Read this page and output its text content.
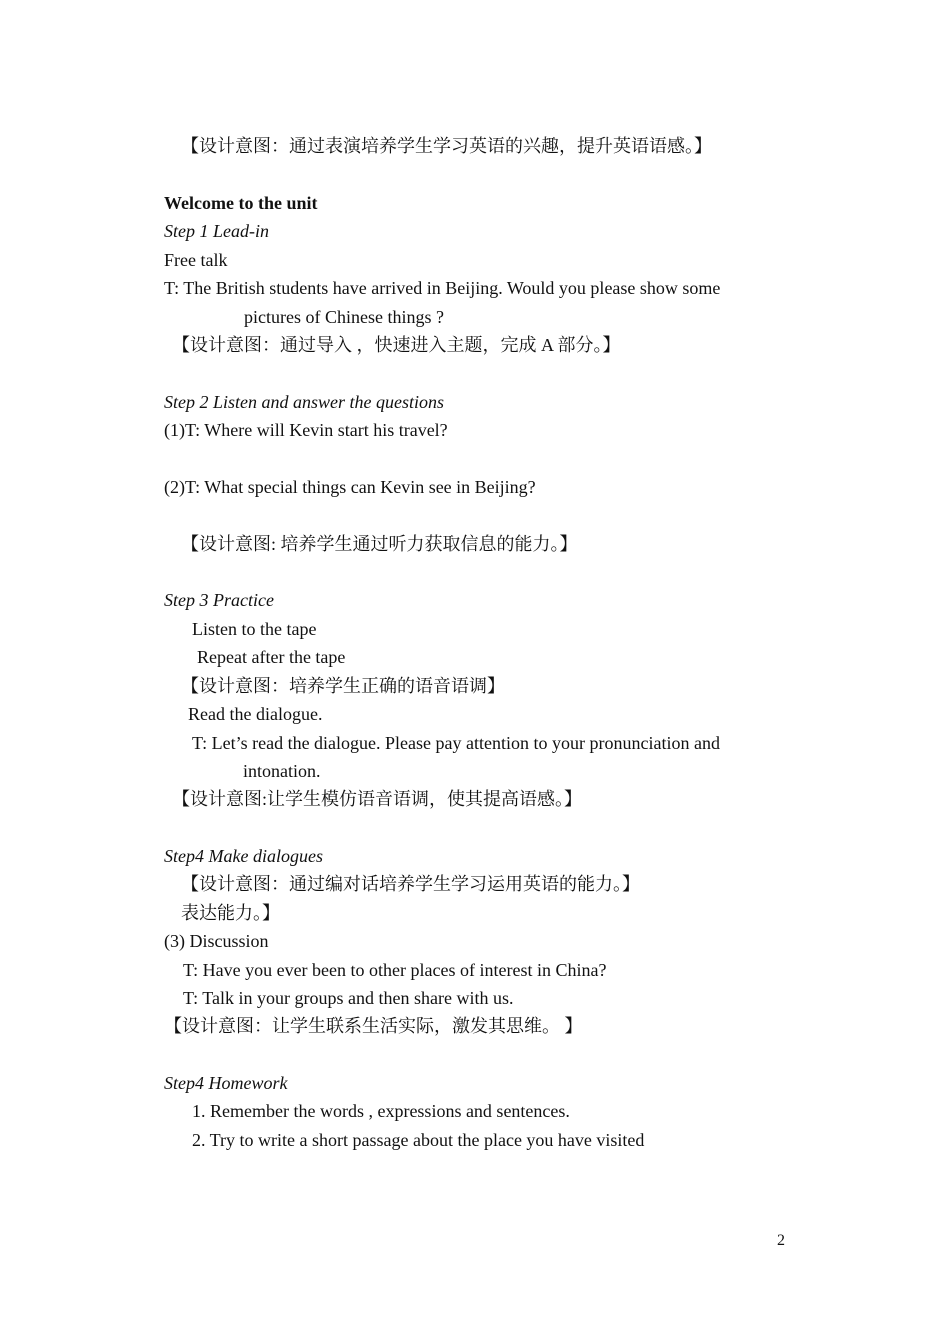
【设计意图：通过表演培养学生学习英语的兴趣，提升英语语感。】
Welcome to the unit
Step 1 Lead-in
Free talk
T: The British students have arrived in Beijing. Would you please show some
pictures of Chinese things ?
【设计意图：通过导入 ，快速进入主题，完成 A 部分。】
Step 2 Listen and answer the questions
(1)T: Where will Kevin start his travel?
(2)T: What special things can Kevin see in Beijing?
【设计意图: 培养学生通过听力获取信息的能力。】
Step 3 Practice
Listen to the tape
Repeat after the tape
【设计意图：培养学生正确的语音语调】
Read the dialogue.
T: Let’s read the dialogue. Please pay attention to your pronunciation and
intonation.
【设计意图:让学生模仿语音语调，使其提高语感。】
Step4 Make dialogues
【设计意图：通过编对话培养学生学习运用英语的能力。】
表达能力。】
(3) Discussion
T: Have you ever been to other places of interest in China?
T: Talk in your groups and then share with us.
【设计意图：让学生联系生活实际，激发其思维。 】
Step4 Homework
1. Remember the words , expressions and sentences.
2. Try to write a short passage about the place you have visited
2
